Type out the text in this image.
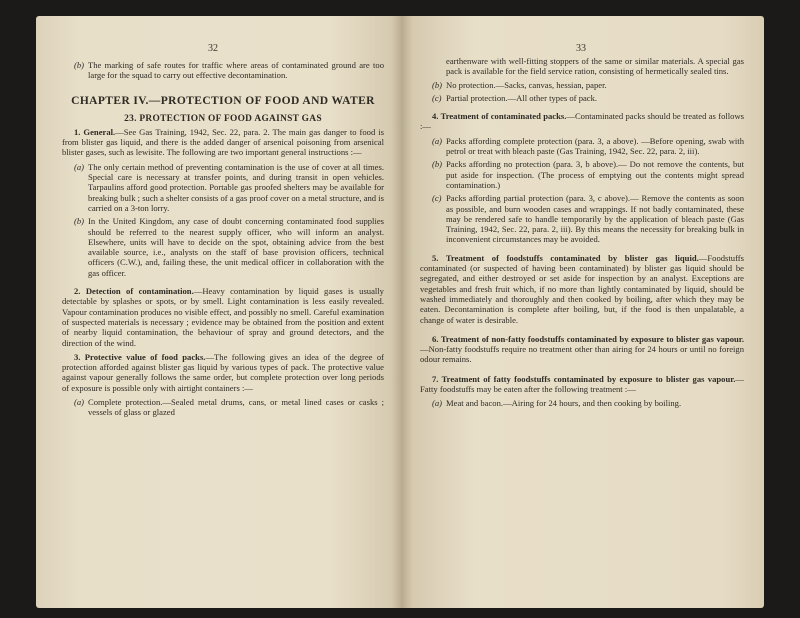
32
(b) The marking of safe routes for traffic where areas of contaminated ground are too large for the squad to carry out effective decontamination.
CHAPTER IV.—PROTECTION OF FOOD AND WATER
23. PROTECTION OF FOOD AGAINST GAS

1. General.—See Gas Training, 1942, Sec. 22, para. 2. The main gas danger to food is from blister gas liquid, and there is the added danger of arsenical poisoning from arsenical blister gases, such as lewisite. The following are two important general instructions :—

(a) The only certain method of preventing contamination is the use of cover at all times. Special care is necessary at transfer points, and during transit in open vehicles. Tarpaulins afford good protection. Portable gas proofed shelters may be available for breaking bulk ; such a shelter consists of a gas proof cover on a metal structure, and is carried on a 3-ton lorry.
(b) In the United Kingdom, any case of doubt concerning contaminated food supplies should be referred to the nearest supply officer, who will inform an analyst. Elsewhere, units will have to decide on the spot, obtaining advice from the best available source, i.e., analysts on the staff of base provision officers, technical officers (C.W.), and, failing these, the unit medical officer in collaboration with the gas officer.

2. Detection of contamination.—Heavy contamination by liquid gases is usually detectable by splashes or spots, or by smell. Light contamination is less easily revealed. Vapour contamination produces no visible effect, and possibly no smell. Careful examination of suspected materials is necessary ; evidence may be obtained from the position and extent of nearby liquid contamination, the behaviour of spray and ground detectors, and the direction of the wind.

3. Protective value of food packs.—The following gives an idea of the degree of protection afforded against blister gas liquid by various types of pack. The protective value against vapour generally follows the same order, but complete protection over long periods of exposure is possible only with airtight containers :—

(a) Complete protection.—Sealed metal drums, cans, or metal lined cases or casks ; vessels of glass or glazed
33
earthenware with well-fitting stoppers of the same or similar materials. A special gas pack is available for the field service ration, consisting of hermetically sealed tins.
(b) No protection.—Sacks, canvas, hessian, paper.
(c) Partial protection.—All other types of pack.

4. Treatment of contaminated packs.—Contaminated packs should be treated as follows :—

(a) Packs affording complete protection (para. 3, a above). —Before opening, swab with petrol or treat with bleach paste (Gas Training, 1942, Sec. 22, para. 2, iii).
(b) Packs affording no protection (para. 3, b above).— Do not remove the contents, but put aside for inspection. (The process of emptying out the contents might spread contamination.)
(c) Packs affording partial protection (para. 3, c above).— Remove the contents as soon as possible, and burn wooden cases and wrappings. If not badly contaminated, these may be rendered safe to handle temporarily by the application of bleach paste (Gas Training, 1942, Sec. 22, para. 2, iii). By this means the necessity for breaking bulk in inconvenient circumstances may be avoided.

5. Treatment of foodstuffs contaminated by blister gas liquid.—Foodstuffs contaminated (or suspected of having been contaminated) by blister gas liquid should be segregated, and either destroyed or set aside for inspection by an analyst. Exceptions are vegetables and fresh fruit which, if no more than lightly contaminated by liquid, should be washed immediately and thoroughly and then cooked by boiling, after which they may be eaten. Decontamination is complete after boiling, but, if the food is then unpalatable, a change of water is desirable.

6. Treatment of non-fatty foodstuffs contaminated by exposure to blister gas vapour.—Non-fatty foodstuffs require no treatment other than airing for 24 hours or until no foreign odour remains.

7. Treatment of fatty foodstuffs contaminated by exposure to blister gas vapour.—Fatty foodstuffs may be eaten after the following treatment :—

(a) Meat and bacon.—Airing for 24 hours, and then cooking by boiling.
